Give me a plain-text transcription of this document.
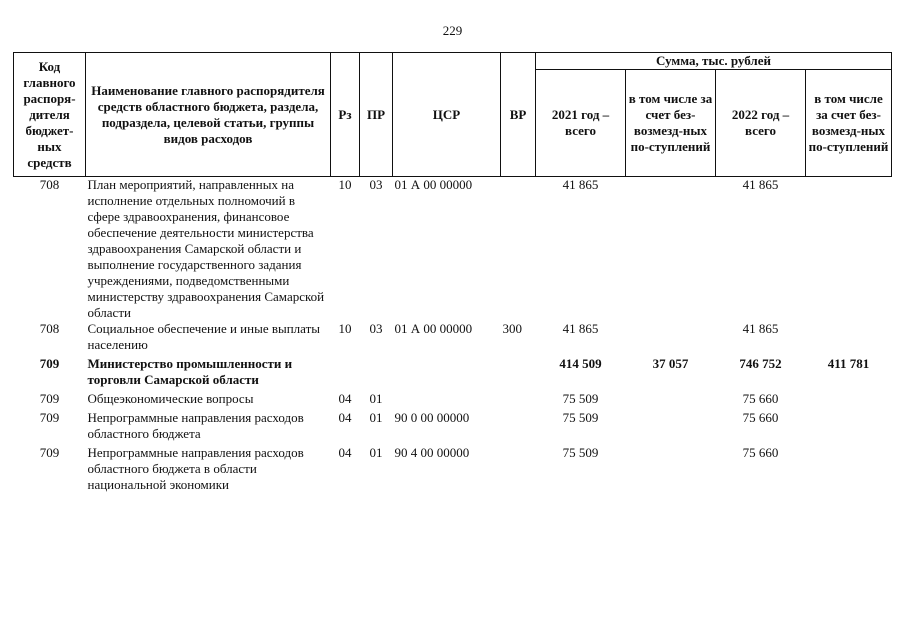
229
Код главного распоря-дителя бюджет-ных средств	Наименование главного распорядителя средств областного бюджета, раздела, подраздела, целевой статьи, группы видов расходов	Рз	ПР	ЦСР	ВР	Сумма, тыс. рублей			
						2021 год – всего	в том числе за счет без-возмезд-ных по-ступлений	2022 год – всего	в том числе за счет без-возмезд-ных по-ступлений
708	План мероприятий, направленных на исполнение отдельных полномочий в сфере здравоохранения, финансовое обеспечение деятельности министерства здравоохранения Самарской области и выполнение государственного задания учреждениями, подведомственными министерству здравоохранения Самарской области	10	03	01 А 00 00000		41 865		41 865	
708	Социальное обеспечение и иные выплаты населению	10	03	01 А 00 00000	300	41 865		41 865	

709	Министерство промышленности и торговли Самарской области					414 509	37 057	746 752	411 781

709	Общеэкономические вопросы	04	01			75 509		75 660	

709	Непрограммные направления расходов областного бюджета	04	01	90 0 00 00000		75 509		75 660	

709	Непрограммные направления расходов областного бюджета в области национальной экономики	04	01	90 4 00 00000		75 509		75 660	
